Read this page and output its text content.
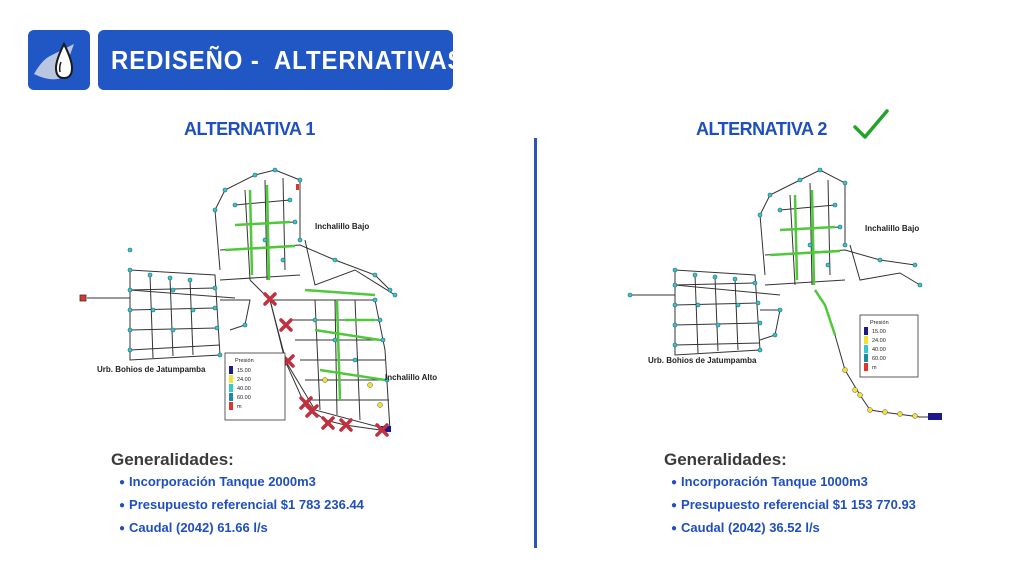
REDISEÑO -  ALTERNATIVAS
ALTERNATIVA 1	ALTERNATIVA 2
Inchalillo Bajo
Urb. Bohios de Jatumpamba
Inchalillo Alto
Presión
15.00
24.00
40.00
60.00
m
Inchalillo Bajo
Urb. Bohios de Jatumpamba
Presión
15.00
24.00
40.00
60.00
m
Generalidades:
● Incorporación Tanque 2000m3
● Presupuesto referencial $1 783 236.44
● Caudal (2042) 61.66 l/s
Generalidades:
● Incorporación Tanque 1000m3
● Presupuesto referencial $1 153 770.93
● Caudal (2042) 36.52 l/s
